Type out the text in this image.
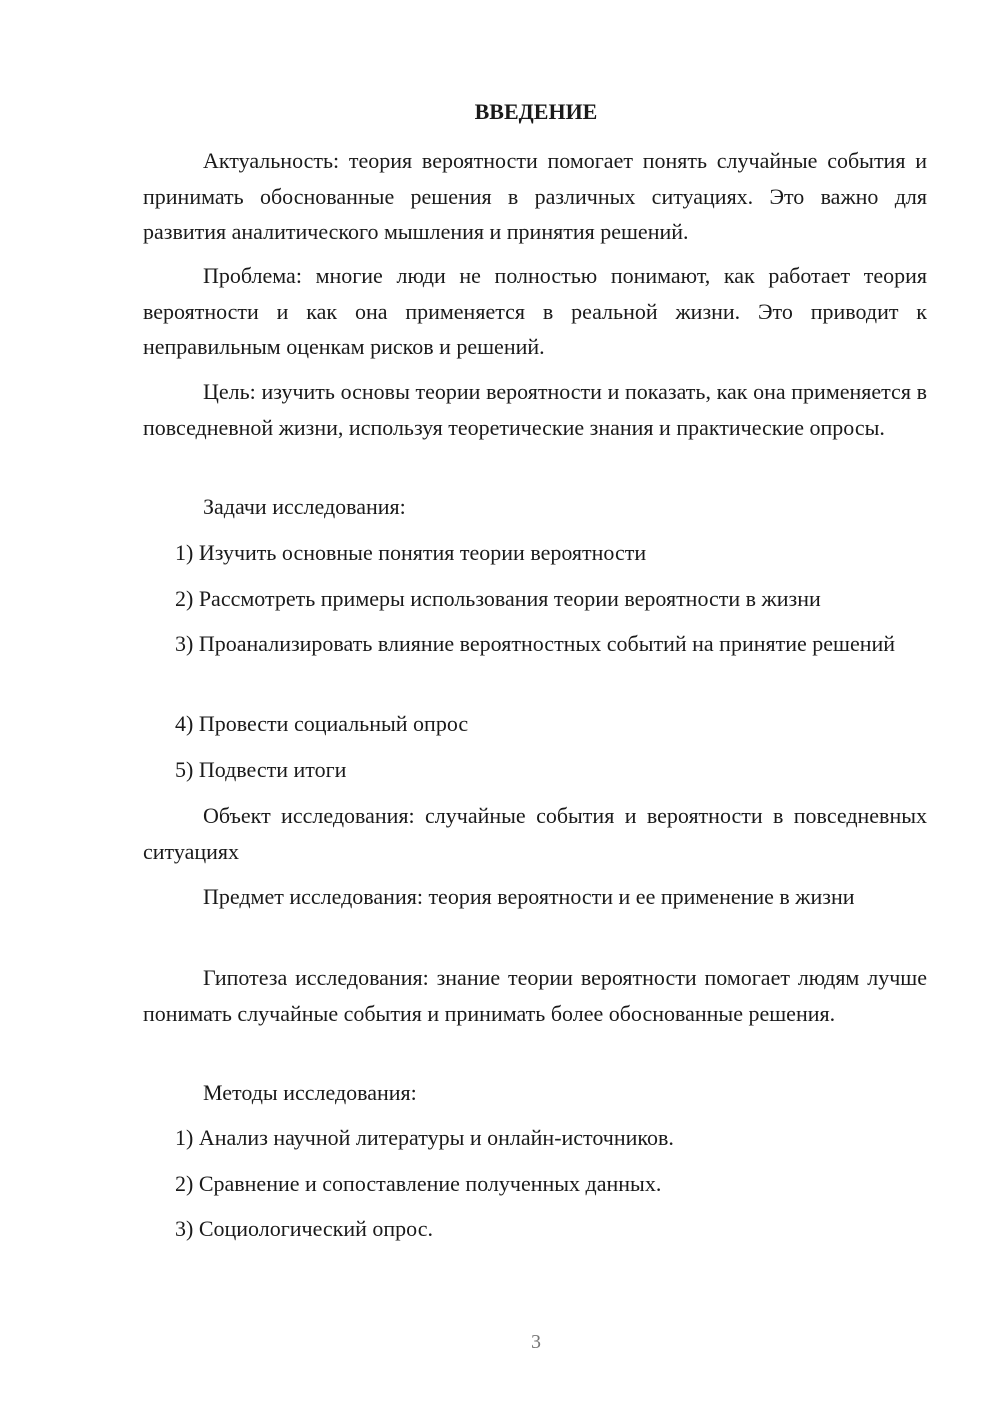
ВВЕДЕНИЕ

Актуальность: теория вероятности помогает понять случайные события и принимать обоснованные решения в различных ситуациях. Это важно для развития аналитического мышления и принятия решений.

Проблема: многие люди не полностью понимают, как работает теория вероятности и как она применяется в реальной жизни. Это приводит к неправильным оценкам рисков и решений.

Цель: изучить основы теории вероятности и показать, как она применяется в повседневной жизни, используя теоретические знания и практические опросы.

Задачи исследования:

1) Изучить основные понятия теории вероятности

2) Рассмотреть примеры использования теории вероятности в жизни

3) Проанализировать влияние вероятностных событий на принятие решений

4) Провести социальный опрос

5) Подвести итоги

Объект исследования: случайные события и вероятности в повседневных ситуациях

Предмет исследования: теория вероятности и ее применение в жизни

Гипотеза исследования: знание теории вероятности помогает людям лучше понимать случайные события и принимать более обоснованные решения.

Методы исследования:

1) Анализ научной литературы и онлайн-источников.

2) Сравнение и сопоставление полученных данных.

3) Социологический опрос.

3
